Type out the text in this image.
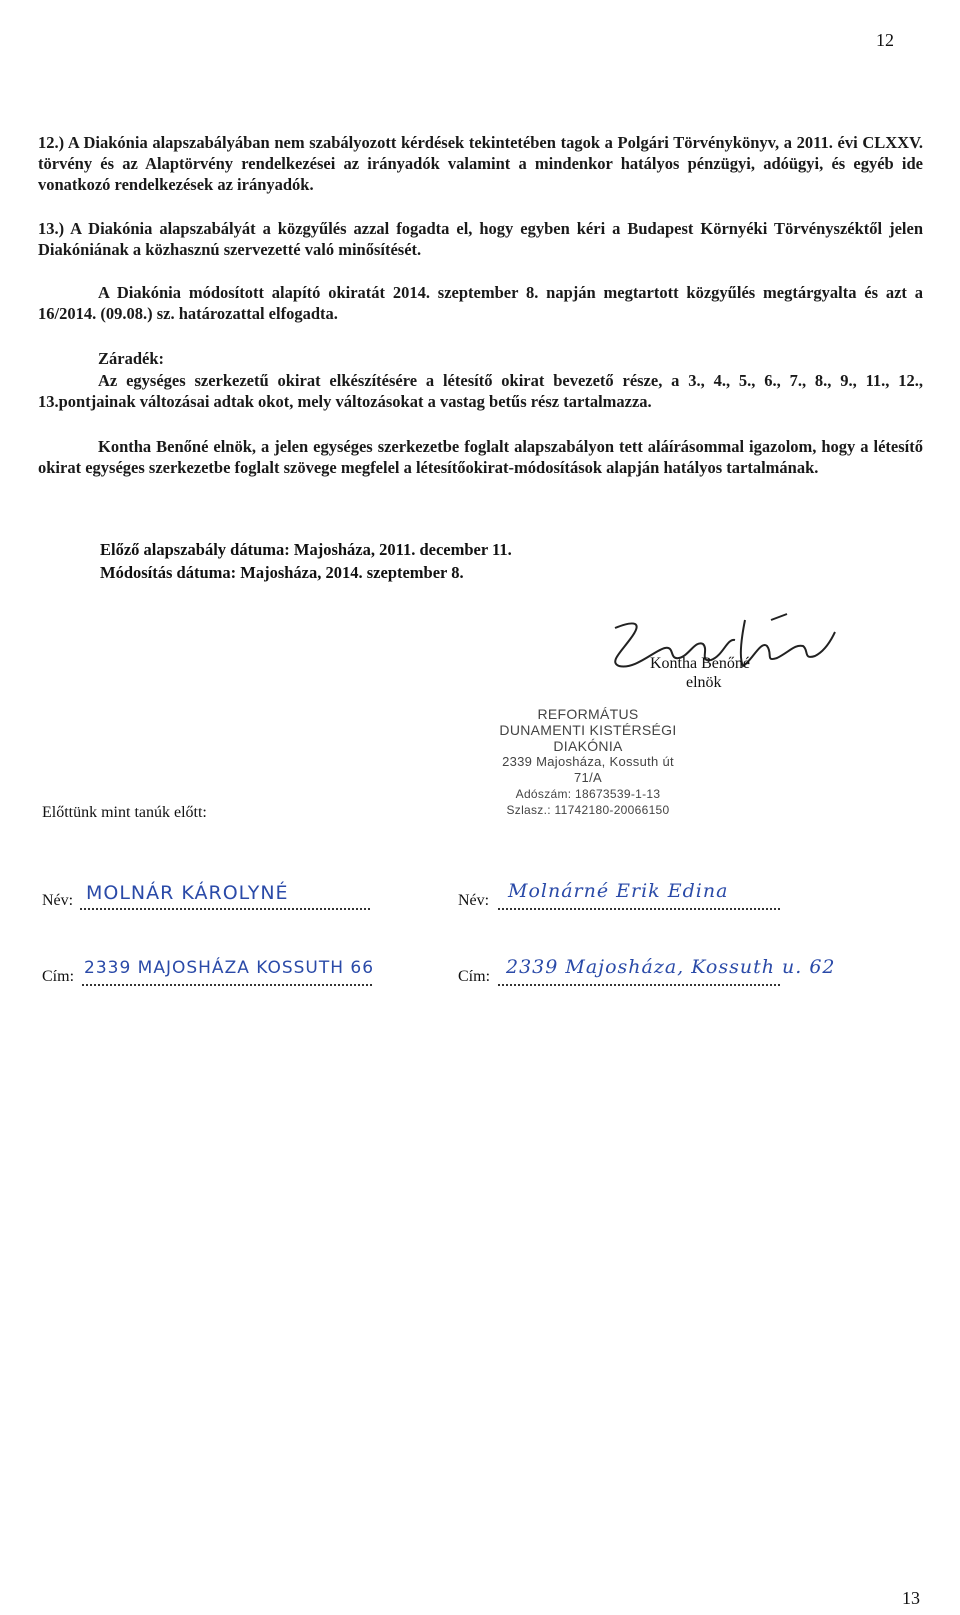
12
12.) A Diakónia alapszabályában nem szabályozott kérdések tekintetében tagok a Polgári Törvénykönyv, a 2011. évi CLXXV. törvény és az Alaptörvény rendelkezései az irányadók valamint a mindenkor hatályos pénzügyi, adóügyi, és egyéb ide vonatkozó rendelkezések az irányadók.
13.) A Diakónia alapszabályát a közgyűlés azzal fogadta el, hogy egyben kéri a Budapest Környéki Törvényszéktől jelen Diakóniának a közhasznú szervezetté való minősítését.
A Diakónia módosított alapító okiratát 2014. szeptember 8. napján megtartott közgyűlés megtárgyalta és azt a 16/2014. (09.08.) sz. határozattal elfogadta.
Záradék:
Az egységes szerkezetű okirat elkészítésére a létesítő okirat bevezető része, a 3., 4., 5., 6., 7., 8., 9., 11., 12., 13.pontjainak változásai adtak okot, mely változásokat a vastag betűs rész tartalmazza.
Kontha Benőné elnök, a jelen egységes szerkezetbe foglalt alapszabályon tett aláírásommal igazolom, hogy a létesítő okirat egységes szerkezetbe foglalt szövege megfelel a létesítőokirat-módosítások alapján hatályos tartalmának.
Előző alapszabály dátuma: Majosháza, 2011. december 11.
Módosítás dátuma: Majosháza, 2014. szeptember 8.
Kontha Benőné
elnök
REFORMÁTUS
DUNAMENTI KISTÉRSÉGI DIAKÓNIA
2339 Majosháza, Kossuth út 71/A
Adószám: 18673539-1-13
Szlasz.: 11742180-20066150
Előttünk mint tanúk előtt:
Név: MOLNÁR KÁROLYNÉ	Név: Molnárné Erik Edina
Cím: 2339 MAJOSHÁZA KOSSUTH 66	Cím: 2339 Majosháza, Kossuth u. 62
13
